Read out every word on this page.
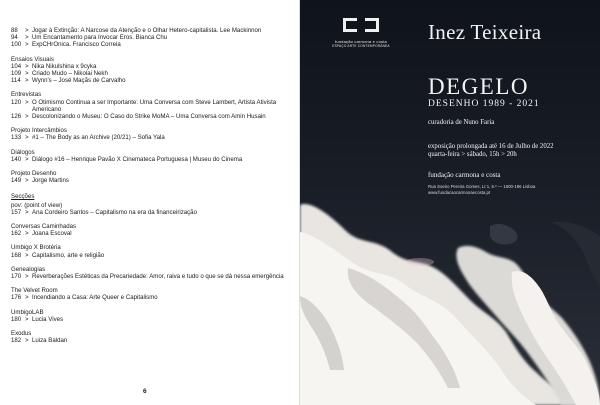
88	> Jogar à Extinção: A Narcose da Atenção e o Olhar Hetero-capitalista. Lee Mackinnon
94	> Um Encantamento para Invocar Eros. Bianca Chu
100 > ExpCHrOnica. Francisco Correia
Ensaios Visuais
104 > Nika Nikulshina x 9cyka
109 > Criado Mudo – Nikolai Nekh
114 > Wynn's – José Maçãs de Carvalho
Entrevistas
120 > O Otimismo Continua a ser Importante: Uma Conversa com Steve Lambert, Artista Ativista Americano
126 > Descolonizando o Museu: O Caso do Strike MoMA – Uma Conversa com Amin Husain
Projeto Intercâmbios
133 > #1 – The Body as an Archive (20/21) – Sofia Yala
Diálogos
140 > Diálogo #16 – Henrique Pavão X Cinemateca Portuguesa | Museu do Cinema
Projeto Desenho
149 > Jorge Martins
Secções
pov: (point of view)
157 > Ana Cordeiro Santos – Capitalismo na era da financeirização
Conversas Caminhadas
162 > Joana Escoval
Umbigo X Brotéria
168 > Capitalismo, arte e religião
Genealogias
170 > Reverberações Estéticas da Precariedade: Amor, raiva e tudo o que se dá nessa emergência
The Velvet Room
176 > Incendiando a Casa: Arte Queer e Capitalismo
UmbigoLAB
180 > Lucia Vives
Exodus
182 > Luiza Baldan
fundação carmona e costa
ESPAÇO ARTE CONTEMPORÂNEA
Inez Teixeira
DEGELO
DESENHO 1989 - 2021
curadoria de Nuno Faria
exposição prolongada até 16 de Julho de 2022
quarta-feira > sábado, 15h > 20h
fundação carmona e costa
Rua Soeiro Pereira Gomes, Lt 1, 6.º — 1600-196 Lisboa
www.fundacaocarmonaecosta.pt
6
